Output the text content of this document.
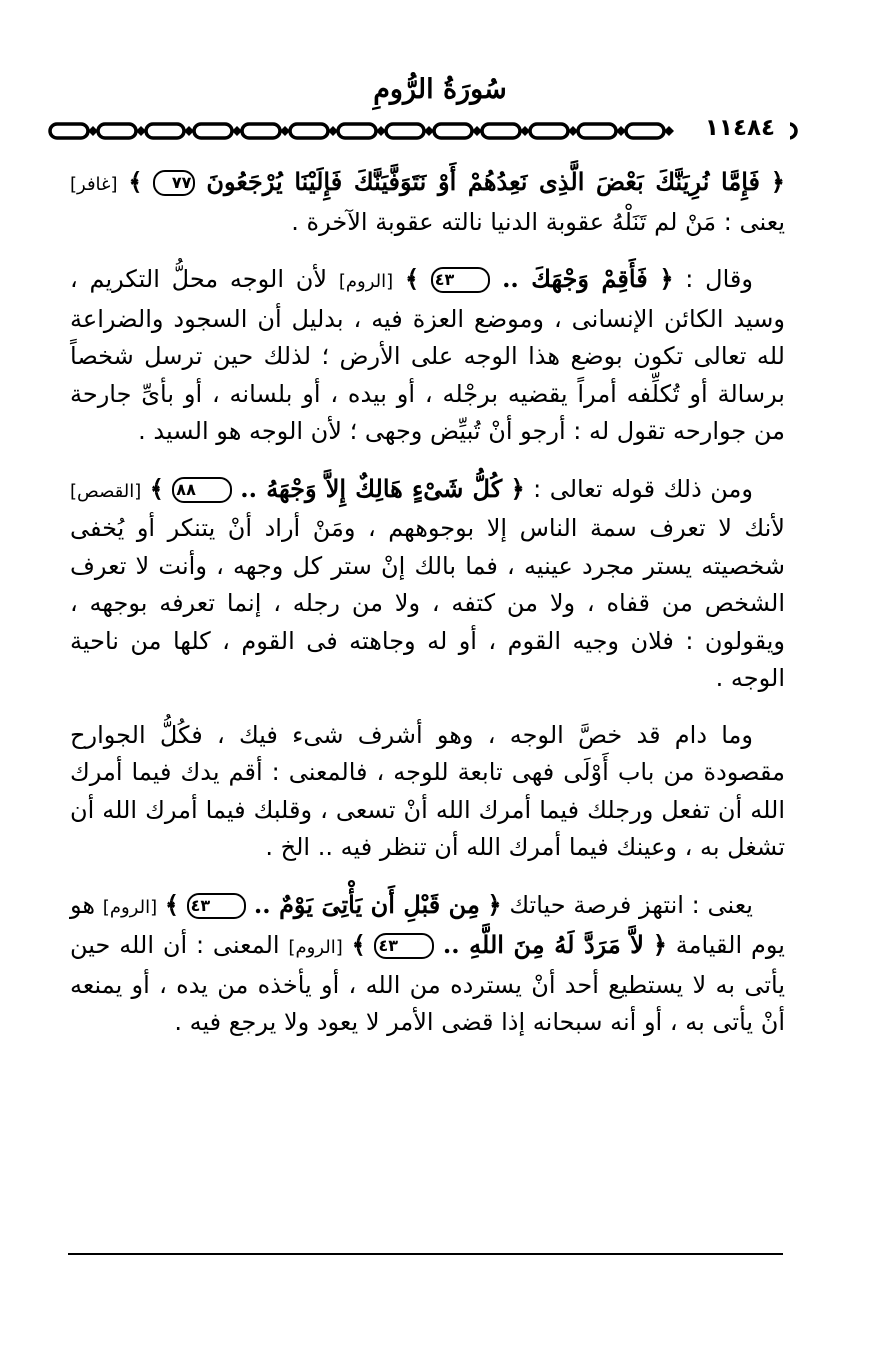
سُورَةُ الرُّومِ
١١٤٨٤

﴿ فَإِمَّا نُرِيَنَّكَ بَعْضَ الَّذِى نَعِدُهُمْ أَوْ نَتَوَفَّيَنَّكَ فَإِلَيْنَا يُرْجَعُونَ ٧٧ ﴾ [غافر] يعنى : مَنْ لم تَنَلْهُ عقوبة الدنيا نالته عقوبة الآخرة .

وقال : ﴿ فَأَقِمْ وَجْهَكَ .. ٤٣ ﴾ [الروم] لأن الوجه محلُّ التكريم ، وسيد الكائن الإنسانى ، وموضع العزة فيه ، بدليل أن السجود والضراعة لله تعالى تكون بوضع هذا الوجه على الأرض ؛ لذلك حين ترسل شخصاً برسالة أو تُكلِّفه أمراً يقضيه برجْله ، أو بيده ، أو بلسانه ، أو بأىِّ جارحة من جوارحه تقول له : أرجو أنْ تُبيِّض وجهى ؛ لأن الوجه هو السيد .

ومن ذلك قوله تعالى : ﴿ كُلُّ شَىْءٍ هَالِكٌ إِلاَّ وَجْهَهُ .. ٨٨ ﴾ [القصص] لأنك لا تعرف سمة الناس إلا بوجوههم ، ومَنْ أراد أنْ يتنكر أو يُخفى شخصيته يستر مجرد عينيه ، فما بالك إنْ ستر كل وجهه ، وأنت لا تعرف الشخص من قفاه ، ولا من كتفه ، ولا من رجله ، إنما تعرفه بوجهه ، ويقولون : فلان وجيه القوم ، أو له وجاهته فى القوم ، كلها من ناحية الوجه .

وما دام قد خصَّ الوجه ، وهو أشرف شىء فيك ، فكُلُّ الجوارح مقصودة من باب أَوْلَى فهى تابعة للوجه ، فالمعنى : أقم يدك فيما أمرك الله أن تفعل ورجلك فيما أمرك الله أنْ تسعى ، وقلبك فيما أمرك الله أن تشغل به ، وعينك فيما أمرك الله أن تنظر فيه .. الخ .

يعنى : انتهز فرصة حياتك ﴿ مِن قَبْلِ أَن يَأْتِىَ يَوْمٌ .. ٤٣ ﴾ [الروم] هو يوم القيامة ﴿ لاَّ مَرَدَّ لَهُ مِنَ اللَّهِ .. ٤٣ ﴾ [الروم] المعنى : أن الله حين يأتى به لا يستطيع أحد أنْ يسترده من الله ، أو يأخذه من يده ، أو يمنعه أنْ يأتى به ، أو أنه سبحانه إذا قضى الأمر لا يعود ولا يرجع فيه .
